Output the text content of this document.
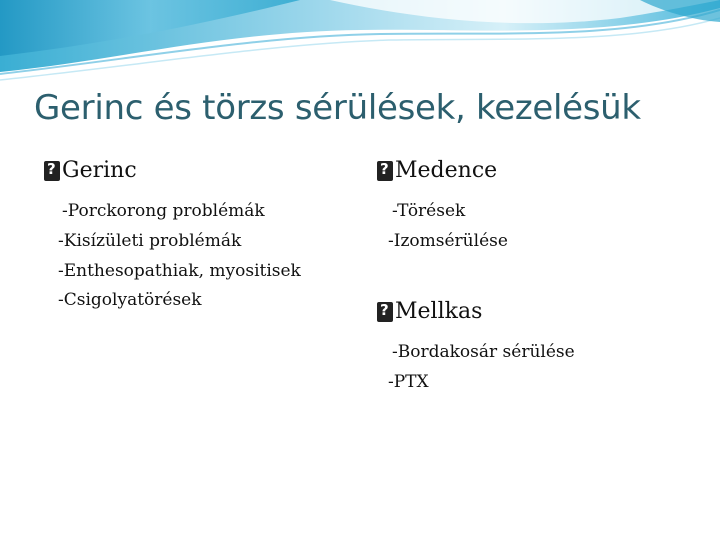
Gerinc és törzs sérülések, kezelésük
?
Gerinc
-Porckorong problémák
-Kisízületi problémák
-Enthesopathiak, myositisek
-Csigolyatörések
?
Medence
-Törések
-Izomsérülése
?
Mellkas
-Bordakosár sérülése
-PTX
